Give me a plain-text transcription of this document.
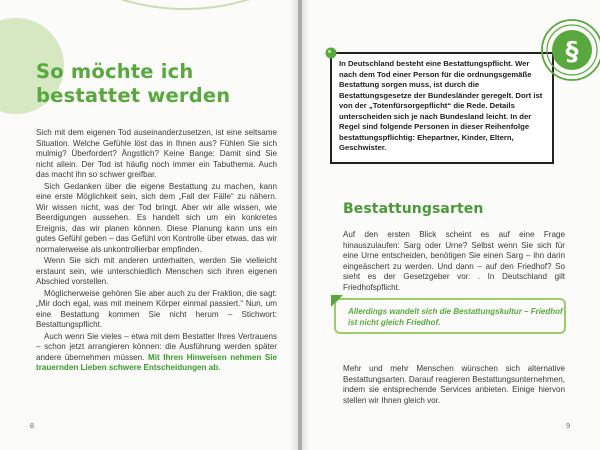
So möchte ich
bestattet werden

Sich mit dem eigenen Tod auseinanderzusetzen, ist eine seltsame Situation. Welche Gefühle löst das in Ihnen aus? Fühlen Sie sich mulmig? Überfordert? Ängstlich? Keine Bange: Damit sind Sie nicht allein. Der Tod ist häufig noch immer ein Tabuthema. Auch das macht ihn so schwer greifbar.

Sich Gedanken über die eigene Bestattung zu machen, kann eine erste Möglichkeit sein, sich dem „Fall der Fälle“ zu nähern. Wir wissen nicht, was der Tod bringt. Aber wir alle wissen, wie Beerdigungen aussehen. Es handelt sich um ein konkretes Ereignis, das wir planen können. Diese Planung kann uns ein gutes Gefühl geben – das Gefühl von Kontrolle über etwas, das wir normalerweise als unkontrollierbar empfinden.

Wenn Sie sich mit anderen unterhalten, werden Sie vielleicht erstaunt sein, wie unterschiedlich Menschen sich ihren eigenen Abschied vorstellen.

Möglicherweise gehören Sie aber auch zu der Fraktion, die sagt: „Mir doch egal, was mit meinem Körper einmal passiert.“ Nun, um eine Bestattung kommen Sie nicht herum – Stichwort: Bestattungspflicht.

Auch wenn Sie vieles – etwa mit dem Bestatter Ihres Vertrauens – schon jetzt arrangieren können: die Ausführung werden später andere übernehmen müssen. Mit Ihren Hinweisen nehmen Sie trauernden Lieben schwere Entscheidungen ab.

8
In Deutschland besteht eine Bestattungspflicht. Wer nach dem Tod einer Person für die ordnungsgemäße Bestattung sorgen muss, ist durch die Bestattungsgesetze der Bundesländer geregelt. Dort ist von der „Totenfürsorgepflicht“ die Rede. Details unterscheiden sich je nach Bundesland leicht. In der Regel sind folgende Personen in dieser Reihenfolge bestattungspflichtig: Ehepartner, Kinder, Eltern, Geschwister.
§
Bestattungsarten

Auf den ersten Blick scheint es auf eine Frage hinauszulaufen: Sarg oder Urne? Selbst wenn Sie sich für eine Urne entscheiden, benötigen Sie einen Sarg – ihn darin eingeäschert zu werden. Und dann – auf den Friedhof? So sieht es der Gesetzgeber vor. . In Deutschland gilt Friedhofspflicht.

Allerdings wandelt sich die Bestattungskultur – Friedhof ist nicht gleich Friedhof.

Mehr und mehr Menschen wünschen sich alternative Bestattungsarten. Darauf reagieren Bestattungsunternehmen, indem sie entsprechende Services anbieten. Einige hiervon stellen wir Ihnen gleich vor.

9
